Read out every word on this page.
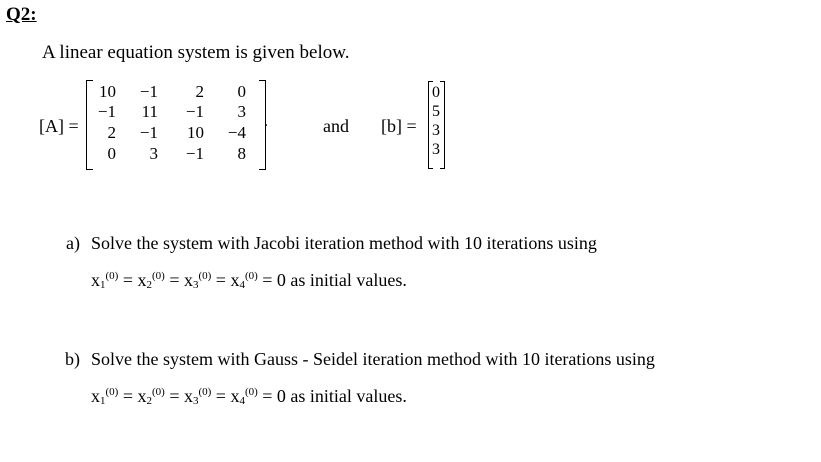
Q2:
A linear equation system is given below.
[A] =
10	−1	2	0
−1	11	−1	3
2	−1	10	−4
0	3	−1	8
.	and [b] =
0
5
3
3
a) Solve the system with Jacobi iteration method with 10 iterations using
$x_1^{(0)} = x_2^{(0)} = x_3^{(0)} = x_4^{(0)} = 0$ as initial values.
b) Solve the system with Gauss - Seidel iteration method with 10 iterations using
$x_1^{(0)} = x_2^{(0)} = x_3^{(0)} = x_4^{(0)} = 0$ as initial values.
